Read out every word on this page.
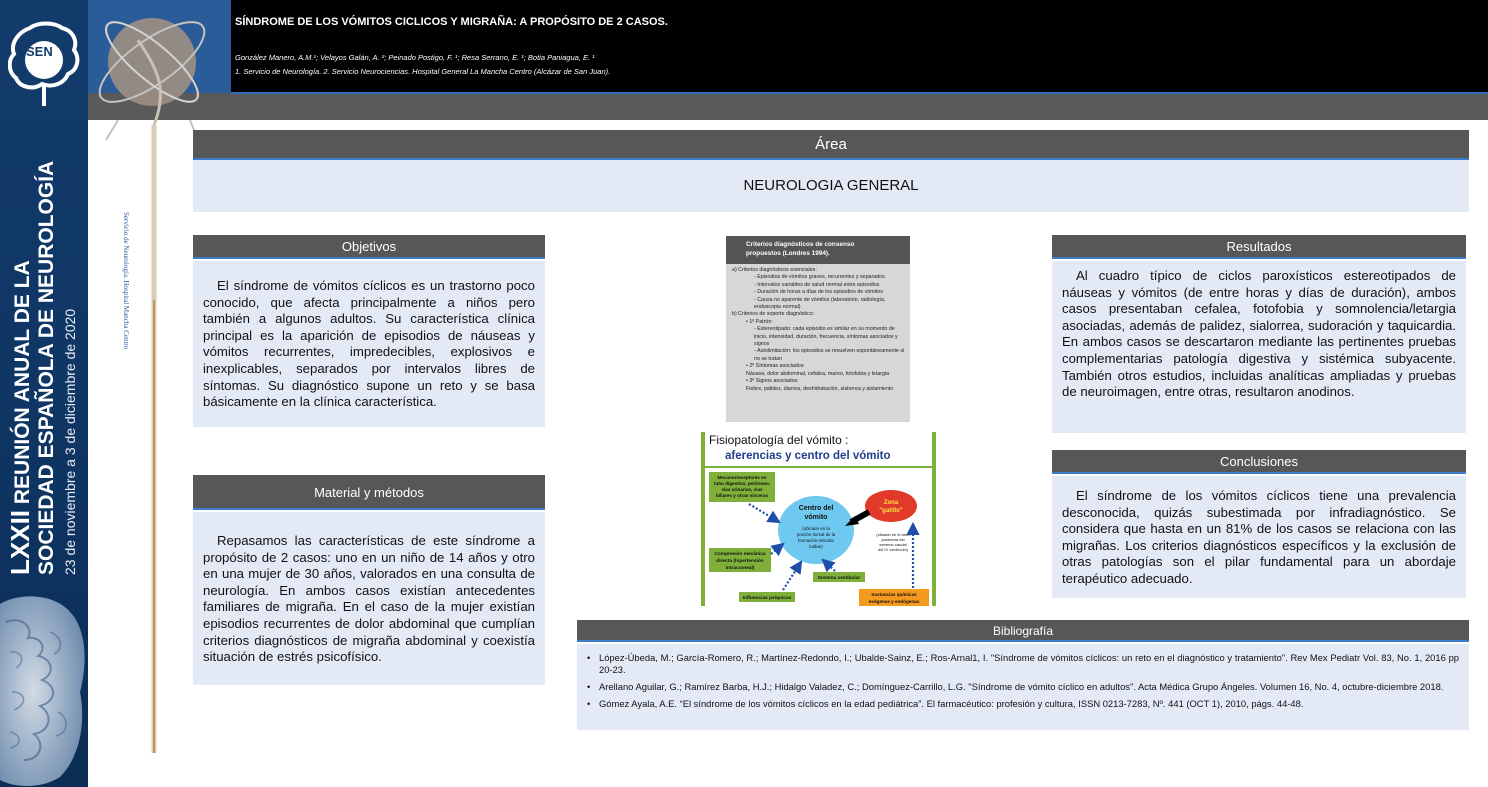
SEN
Sociedad Española de Neurología
LXXII REUNIÓN ANUAL DE LA SOCIEDAD ESPAÑOLA DE NEUROLOGÍA 23 de noviembre a 3 de diciembre de 2020
SÍNDROME DE LOS VÓMITOS CICLICOS Y MIGRAÑA: A PROPÓSITO DE 2 CASOS.
González Manero, A.M.¹; Velayos Galán, A. ²; Peinado Postigo, F. ¹; Resa Serrano, E. ¹; Botia Paniagua, E. ¹
1. Servicio de Neurología. 2. Servicio Neurociencias. Hospital General La Mancha Centro (Alcázar de San Juan).
Servicio de Neurología. Hospital Mancha Centro
Área
NEUROLOGIA GENERAL
Objetivos

El síndrome de vómitos cíclicos es un trastorno poco conocido, que afecta principalmente a niños pero también a algunos adultos. Su característica clínica principal es la aparición de episodios de náuseas y vómitos recurrentes, impredecibles, explosivos e inexplicables, separados por intervalos libres de síntomas. Su diagnóstico supone un reto y se basa básicamente en la clínica característica.

Material y métodos

Repasamos las características de este síndrome a propósito de 2 casos: uno en un niño de 14 años y otro en una mujer de 30 años, valorados en una consulta de neurología. En ambos casos existían antecedentes familiares de migraña. En el caso de la mujer existían episodios recurrentes de dolor abdominal que cumplían criterios diagnósticos de migraña abdominal y coexistía situación de estrés psicofísico.

Resultados

Al cuadro típico de ciclos paroxísticos estereotipados de náuseas y vómitos (de entre horas y días de duración), ambos casos presentaban cefalea, fotofobia y somnolencia/letargia asociadas, además de palidez, sialorrea, sudoración y taquicardia. En ambos casos se descartaron mediante las pertinentes pruebas complementarias patología digestiva y sistémica subyacente. También otros estudios, incluidas analíticas ampliadas y pruebas de neuroimagen, entre otras, resultaron anodinos.

Conclusiones

El síndrome de los vómitos cíclicos tiene una prevalencia desconocida, quizás subestimada por infradiagnóstico. Se considera que hasta en un 81% de los casos se relaciona con las migrañas. Los criterios diagnósticos específicos y la exclusión de otras patologías son el pilar fundamental para un abordaje terapéutico adecuado.

Bibliografía
• López-Úbeda, M.; García-Romero, R.; Martínez-Redondo, I.; Ubalde-Sainz, E.; Ros-Arnal1, I. "Síndrome de vómitos cíclicos: un reto en el diagnóstico y tratamiento". Rev Mex Pediatr Vol. 83, No. 1, 2016 pp 20-23.
• Arellano Aguilar, G.; Ramírez Barba, H.J.; Hidalgo Valadez, C.; Domínguez-Carrillo, L.G. "Síndrome de vómito cíclico en adultos". Acta Médica Grupo Ángeles. Volumen 16, No. 4, octubre-diciembre 2018.
• Gómez Ayala, A.E. “El síndrome de los vómitos cíclicos en la edad pediátrica”. El farmacéutico: profesión y cultura, ISSN 0213-7283, Nº. 441 (OCT 1), 2010, págs. 44-48.
Criterios diagnósticos de consenso
propuestos (Londres 1994).
a) Criterios diagnósticos esenciales:
- Episodios de vómitos graves, recurrentes y separados
- Intervalos variables de salud normal entre episodios
- Duración de horas a días de los episodios de vómitos
- Causa no aparente de vómitos (laboratorio, radiología, endoscopia normal)
b) Criterios de soporte diagnóstico:
• 1º Patrón:
- Estereotipado: cada episodio es similar en su momento de inicio, intensidad, duración, frecuencia, síntomas asociados y signos
- Autolimitación: los episodios se resuelven espontáneamente si no se tratan
• 2º Síntomas asociados:
Náusea, dolor abdominal, cefalea, mareo, fotofobia y letargia
• 3º Signos asociados:
Fiebre, palidez, diarrea, deshidratación, sialorrea y aislamiento
Fisiopatología del vómito :
aferencias y centro del vómito
Mecanorreceptores en
tubo digestivo, peritoneo,
vías urinarias, vías
biliares y otras vísceras
Centro del
vómito
(ubicado en la
porción dorsal de la
formación reticular
bulbar)
Zona
"gatillo"
(situado en el área
postrema del
extremo caudal
del IV ventrículo)
Compresión mecánica
directa (hipertensión
intracraneal)
Sistema vestibular
Influencias psíquicas
Sustancias químicas
exógenas y endógenas
